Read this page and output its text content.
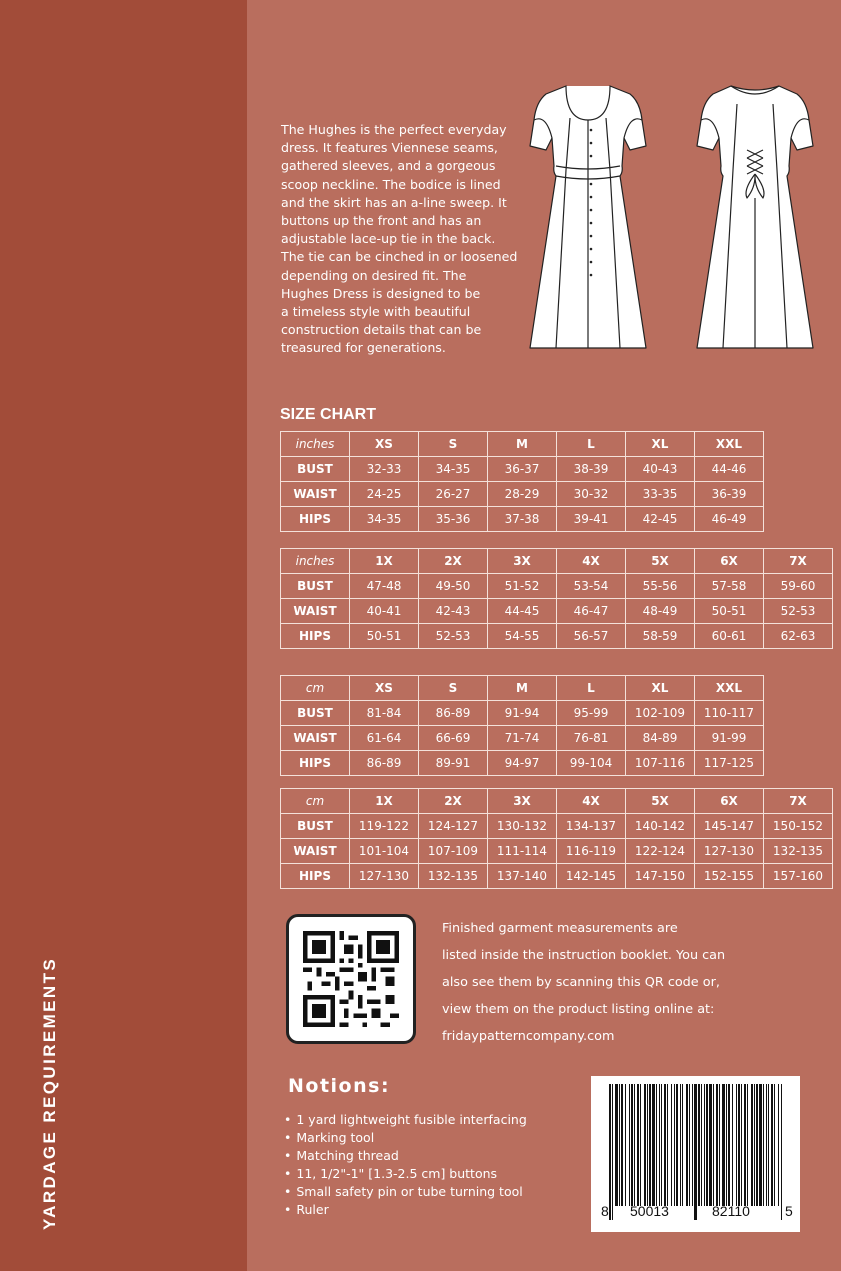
YARDAGE REQUIREMENTS
The Hughes is the perfect everyday
dress. It features Viennese seams,
gathered sleeves, and a gorgeous
scoop neckline. The bodice is lined
and the skirt has an a-line sweep. It
buttons up the front and has an
adjustable lace-up tie in the back.
The tie can be cinched in or loosened
depending on desired fit. The
Hughes Dress is designed to be
a timeless style with beautiful
construction details that can be
treasured for generations.
SIZE CHART
inches	XS	S	M	L	XL	XXL
BUST	32-33	34-35	36-37	38-39	40-43	44-46
WAIST	24-25	26-27	28-29	30-32	33-35	36-39
HIPS	34-35	35-36	37-38	39-41	42-45	46-49
inches	1X	2X	3X	4X	5X	6X	7X
BUST	47-48	49-50	51-52	53-54	55-56	57-58	59-60
WAIST	40-41	42-43	44-45	46-47	48-49	50-51	52-53
HIPS	50-51	52-53	54-55	56-57	58-59	60-61	62-63
cm	XS	S	M	L	XL	XXL
BUST	81-84	86-89	91-94	95-99	102-109	110-117
WAIST	61-64	66-69	71-74	76-81	84-89	91-99
HIPS	86-89	89-91	94-97	99-104	107-116	117-125
cm	1X	2X	3X	4X	5X	6X	7X
BUST	119-122	124-127	130-132	134-137	140-142	145-147	150-152
WAIST	101-104	107-109	111-114	116-119	122-124	127-130	132-135
HIPS	127-130	132-135	137-140	142-145	147-150	152-155	157-160
Finished garment measurements are
listed inside the instruction booklet. You can
also see them by scanning this QR code or,
view them on the product listing online at:
fridaypatterncompany.com
Notions:
• 1 yard lightweight fusible interfacing
• Marking tool
• Matching thread
• 11, 1/2"-1" [1.3-2.5 cm] buttons
• Small safety pin or tube turning tool
• Ruler	8 50013	82110	5
